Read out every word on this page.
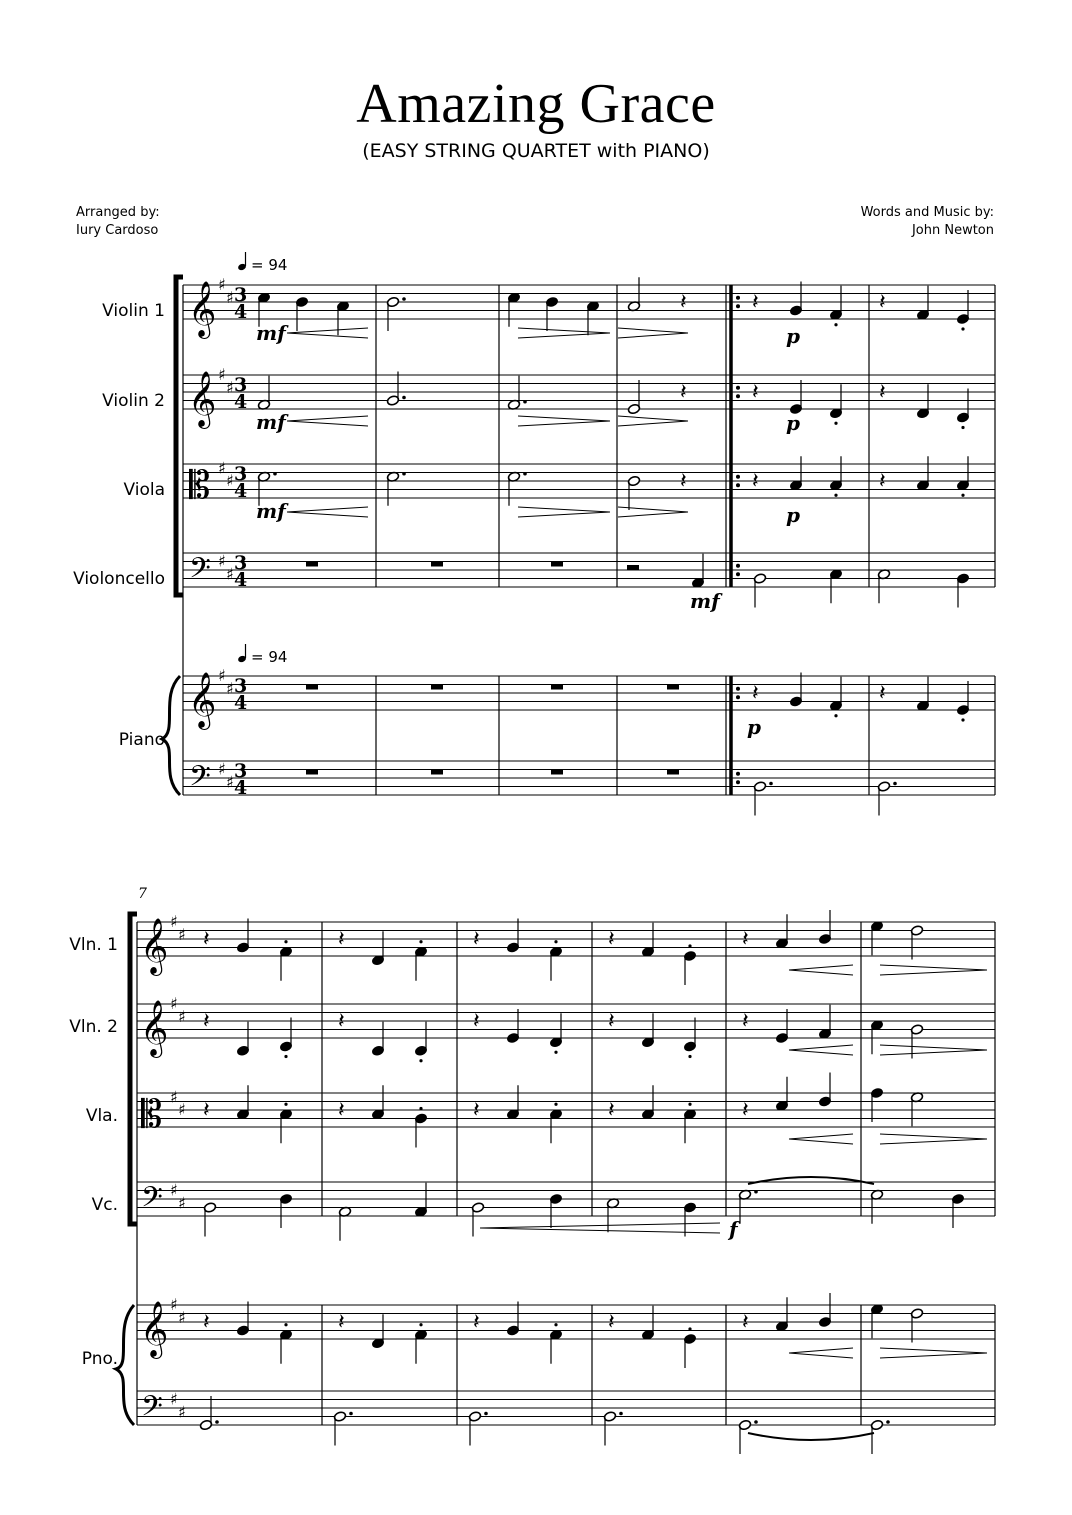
Amazing Grace
(EASY STRING QUARTET with PIANO)
Arranged by:
Iury Cardoso
Words and Music by:
John Newton
𝄞 ♯
♯ 3
4
𝄞 ♯
♯ 3
4
𝄡 ♯
♯ 3
4
𝄢 ♯
♯ 3
4
𝄞 ♯
♯ 3
4
𝄢 ♯
♯ 3
4
𝄞 ♯
♯
𝄞 ♯
♯
𝄡 ♯
♯
𝄢 ♯
♯
𝄞 ♯
♯
𝄢 ♯
♯
𝄽	𝄽	𝄽
𝄽	𝄽	𝄽
𝄽	𝄽	𝄽
𝄽	𝄽
𝄽	𝄽	𝄽	𝄽	𝄽
𝄽	𝄽	𝄽	𝄽	𝄽
𝄽	𝄽	𝄽	𝄽	𝄽
𝄽	𝄽	𝄽	𝄽	𝄽
Violin 1
Violin 2
Viola
Violoncello
Piano
Vln. 1
Vln. 2
Vla.
Vc.
Pno.
= 94
= 94
7
mf
mf
mf
mf
p
p
p
p
f
